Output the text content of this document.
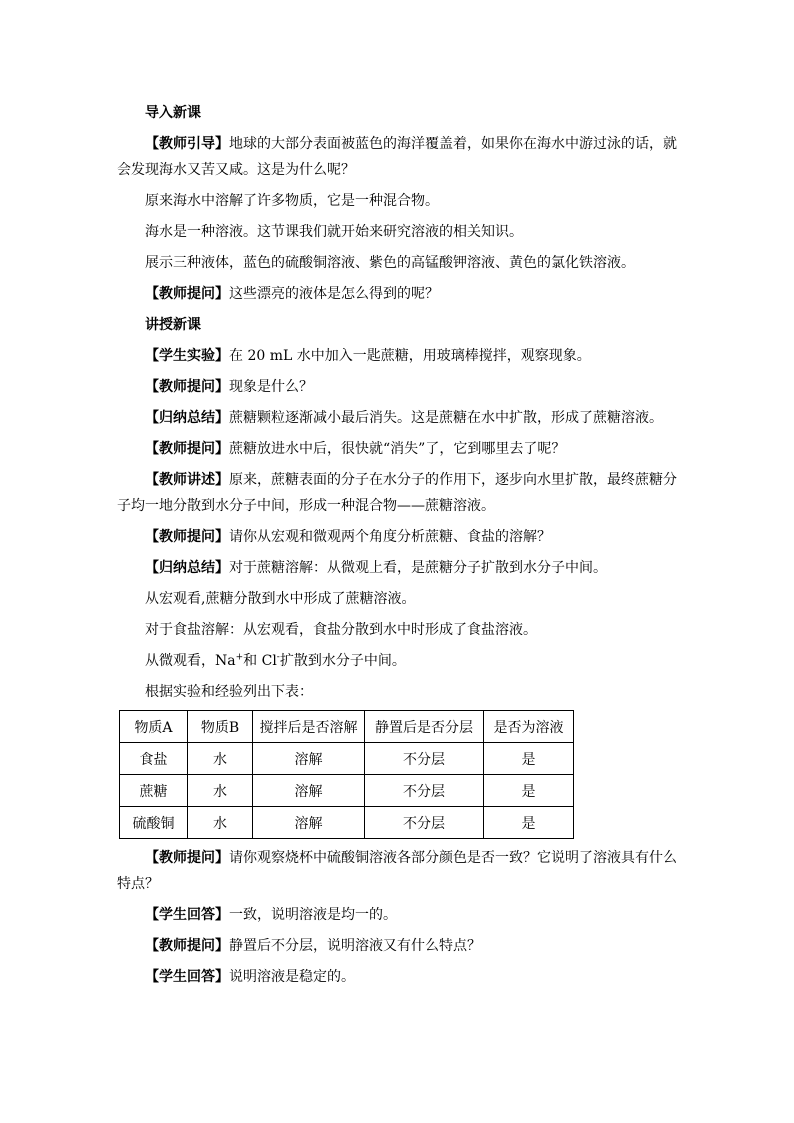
导入新课
【教师引导】地球的大部分表面被蓝色的海洋覆盖着，如果你在海水中游过泳的话，就会发现海水又苦又咸。这是为什么呢？
原来海水中溶解了许多物质，它是一种混合物。
海水是一种溶液。这节课我们就开始来研究溶液的相关知识。
展示三种液体，蓝色的硫酸铜溶液、紫色的高锰酸钾溶液、黄色的氯化铁溶液。
【教师提问】这些漂亮的液体是怎么得到的呢？
讲授新课
【学生实验】在 20 mL 水中加入一匙蔗糖，用玻璃棒搅拌，观察现象。
【教师提问】现象是什么？
【归纳总结】蔗糖颗粒逐渐减小最后消失。这是蔗糖在水中扩散，形成了蔗糖溶液。
【教师提问】蔗糖放进水中后，很快就“消失”了，它到哪里去了呢？
【教师讲述】原来，蔗糖表面的分子在水分子的作用下，逐步向水里扩散，最终蔗糖分子均一地分散到水分子中间，形成一种混合物——蔗糖溶液。
【教师提问】请你从宏观和微观两个角度分析蔗糖、食盐的溶解？
【归纳总结】对于蔗糖溶解：从微观上看，是蔗糖分子扩散到水分子中间。
从宏观看,蔗糖分散到水中形成了蔗糖溶液。
对于食盐溶解：从宏观看，食盐分散到水中时形成了食盐溶液。
从微观看，Na+和 Cl-扩散到水分子中间。
根据实验和经验列出下表：
物质A	物质B	搅拌后是否溶解	静置后是否分层	是否为溶液
食盐	水	溶解	不分层	是
蔗糖	水	溶解	不分层	是
硫酸铜	水	溶解	不分层	是
【教师提问】请你观察烧杯中硫酸铜溶液各部分颜色是否一致？它说明了溶液具有什么特点？
【学生回答】一致，说明溶液是均一的。
【教师提问】静置后不分层，说明溶液又有什么特点？
【学生回答】说明溶液是稳定的。
